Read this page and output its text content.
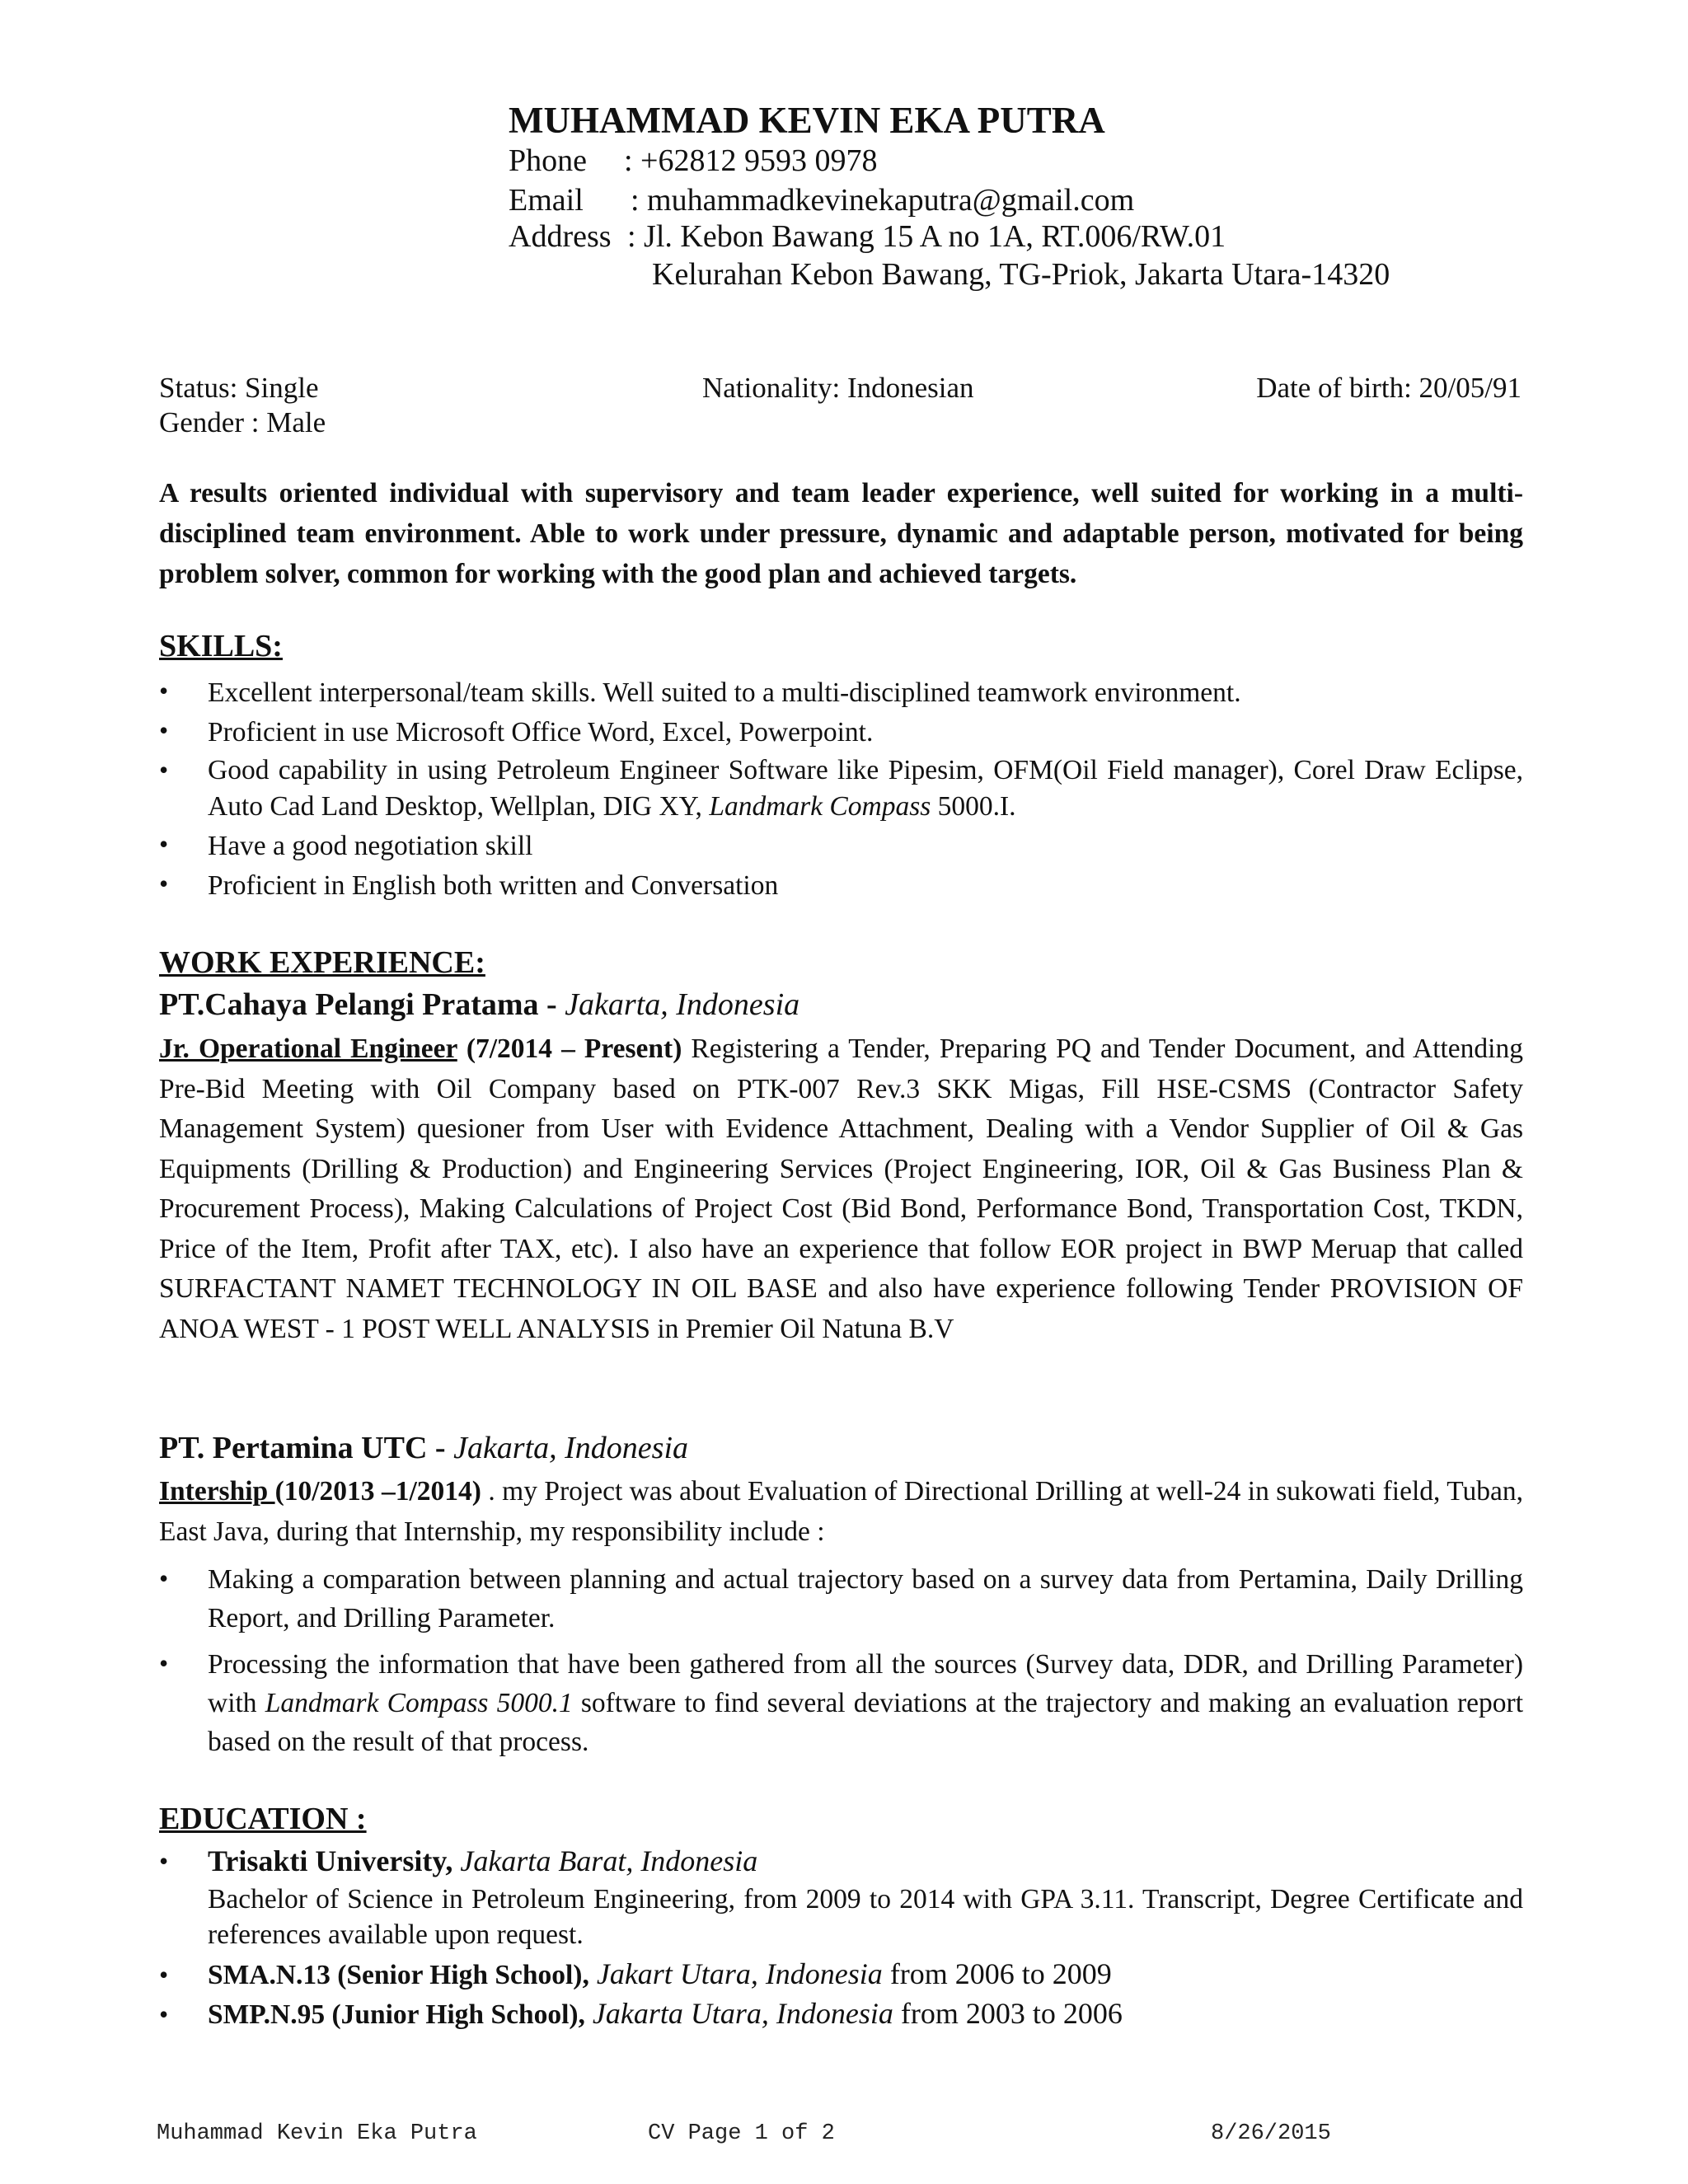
MUHAMMAD KEVIN EKA PUTRA
Phone : +62812 9593 0978
Email : muhammadkevinekaputra@gmail.com
Address : Jl. Kebon Bawang 15 A no 1A, RT.006/RW.01
Kelurahan Kebon Bawang, TG-Priok, Jakarta Utara-14320
Status: Single	Nationality: Indonesian	Date of birth: 20/05/91
Gender : Male
A results oriented individual with supervisory and team leader experience, well suited for working in a multi-disciplined team environment. Able to work under pressure, dynamic and adaptable person, motivated for being problem solver, common for working with the good plan and achieved targets.
SKILLS:
• Excellent interpersonal/team skills. Well suited to a multi-disciplined teamwork environment.
• Proficient in use Microsoft Office Word, Excel, Powerpoint.
• Good capability in using Petroleum Engineer Software like Pipesim, OFM(Oil Field manager), Corel Draw Eclipse, Auto Cad Land Desktop, Wellplan, DIG XY, Landmark Compass 5000.I.
• Have a good negotiation skill
• Proficient in English both written and Conversation
WORK EXPERIENCE:
PT.Cahaya Pelangi Pratama - Jakarta, Indonesia
Jr. Operational Engineer (7/2014 – Present) Registering a Tender, Preparing PQ and Tender Document, and Attending Pre-Bid Meeting with Oil Company based on PTK-007 Rev.3 SKK Migas, Fill HSE-CSMS (Contractor Safety Management System) quesioner from User with Evidence Attachment, Dealing with a Vendor Supplier of Oil & Gas Equipments (Drilling & Production) and Engineering Services (Project Engineering, IOR, Oil & Gas Business Plan & Procurement Process), Making Calculations of Project Cost (Bid Bond, Performance Bond, Transportation Cost, TKDN, Price of the Item, Profit after TAX, etc). I also have an experience that follow EOR project in BWP Meruap that called SURFACTANT NAMET TECHNOLOGY IN OIL BASE and also have experience following Tender PROVISION OF ANOA WEST - 1 POST WELL ANALYSIS in Premier Oil Natuna B.V
PT. Pertamina UTC - Jakarta, Indonesia
Intership (10/2013 –1/2014) . my Project was about Evaluation of Directional Drilling at well-24 in sukowati field, Tuban, East Java, during that Internship, my responsibility include :
• Making a comparation between planning and actual trajectory based on a survey data from Pertamina, Daily Drilling Report, and Drilling Parameter.
• Processing the information that have been gathered from all the sources (Survey data, DDR, and Drilling Parameter) with Landmark Compass 5000.1 software to find several deviations at the trajectory and making an evaluation report based on the result of that process.
EDUCATION :
• Trisakti University, Jakarta Barat, Indonesia
Bachelor of Science in Petroleum Engineering, from 2009 to 2014 with GPA 3.11. Transcript, Degree Certificate and references available upon request.
• SMA.N.13 (Senior High School), Jakart Utara, Indonesia from 2006 to 2009
• SMP.N.95 (Junior High School), Jakarta Utara, Indonesia from 2003 to 2006
Muhammad Kevin Eka Putra	CV Page 1 of 2	8/26/2015
